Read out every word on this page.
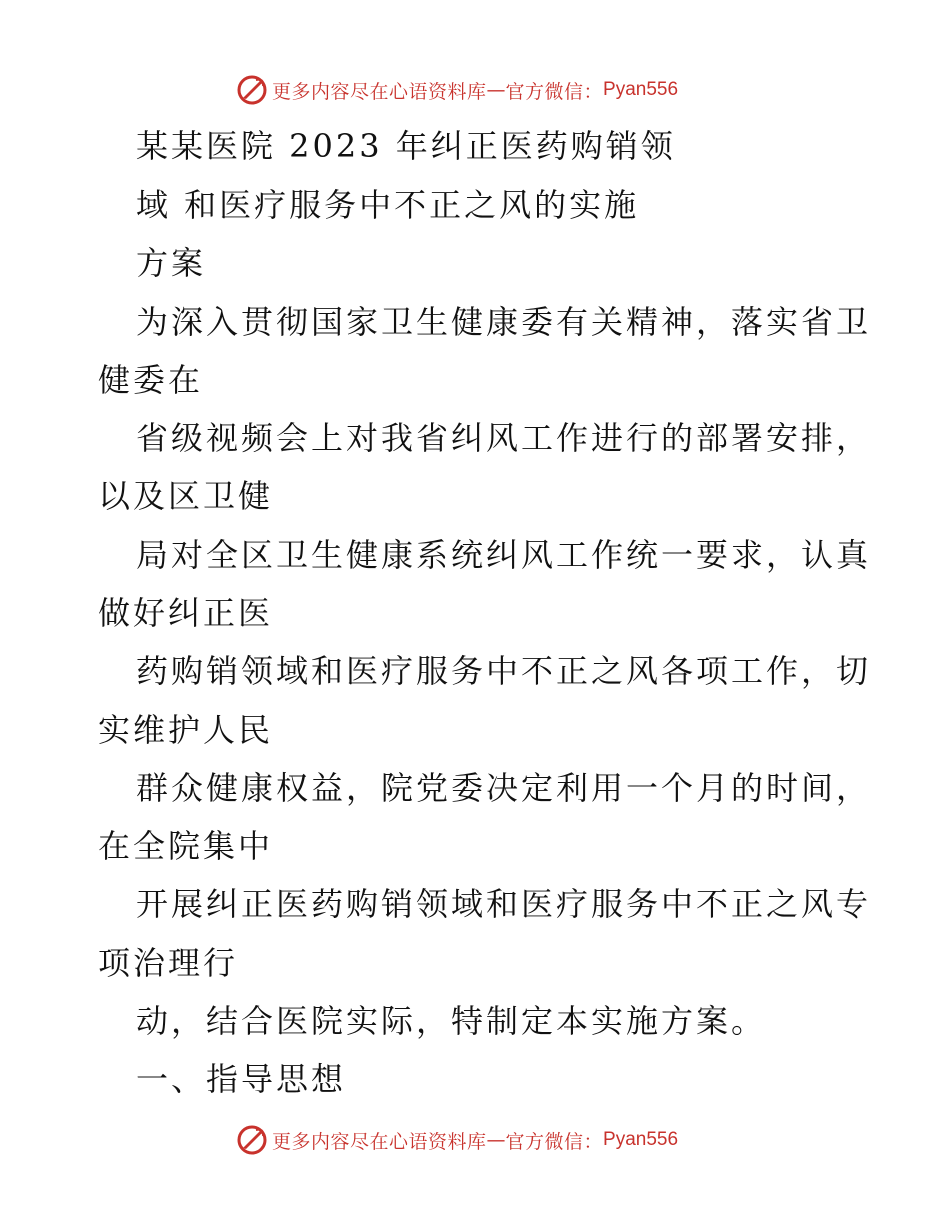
更多内容尽在心语资料库 — 官方微信： Pyan556
某某医院 2023 年纠正医药购销领
域 和医疗服务中不正之风的实施
方案
为深入贯彻国家卫生健康委有关精神，落实省卫
健委在
省级视频会上对我省纠风工作进行的部署安排，
以及区卫健
局对全区卫生健康系统纠风工作统一要求，认真
做好纠正医
药购销领域和医疗服务中不正之风各项工作，切
实维护人民
群众健康权益，院党委决定利用一个月的时间，
在全院集中
开展纠正医药购销领域和医疗服务中不正之风专
项治理行
动，结合医院实际，特制定本实施方案。
一、指导思想
更多内容尽在心语资料库 — 官方微信： Pyan556
